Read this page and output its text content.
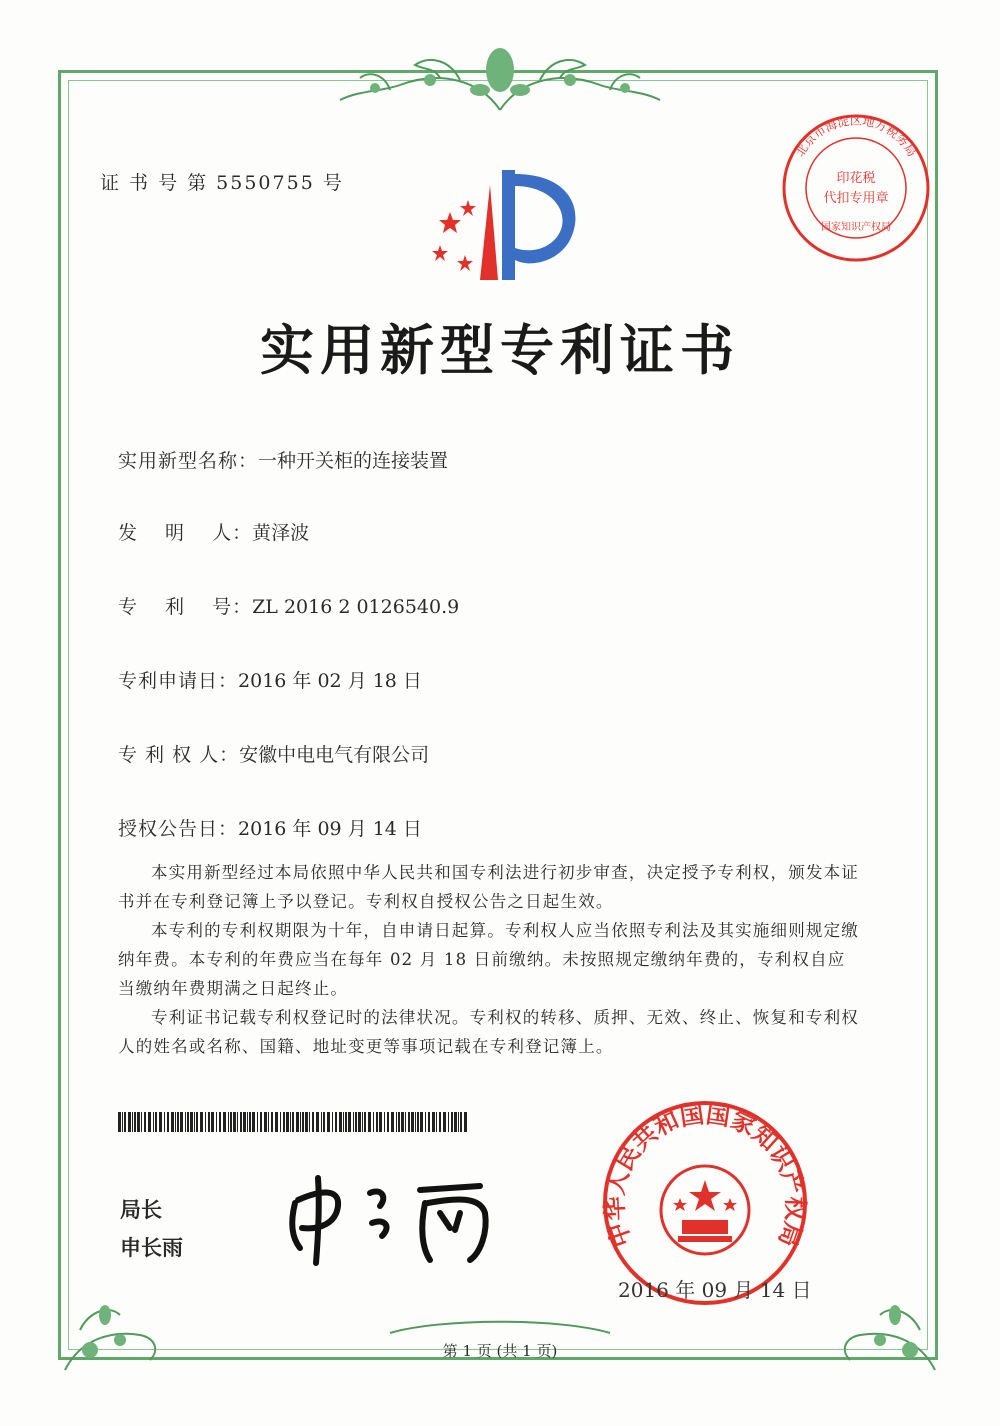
证 书 号 第 5550755 号
北京市海淀区地方税务局
印花税
代扣专用章
国家知识产权局
实用新型专利证书
实用新型名称：一种开关柜的连接装置
发　 明　 人：黄泽波
专　 利　 号：ZL 2016 2 0126540.9
专利申请日：2016 年 02 月 18 日
专 利 权 人：安徽中电电气有限公司
授权公告日：2016 年 09 月 14 日

本实用新型经过本局依照中华人民共和国专利法进行初步审查，决定授予专利权，颁发本证书并在专利登记簿上予以登记。专利权自授权公告之日起生效。

本专利的专利权期限为十年，自申请日起算。专利权人应当依照专利法及其实施细则规定缴纳年费。本专利的年费应当在每年 02 月 18 日前缴纳。未按照规定缴纳年费的，专利权自应当缴纳年费期满之日起终止。

专利证书记载专利权登记时的法律状况。专利权的转移、质押、无效、终止、恢复和专利权人的姓名或名称、国籍、地址变更等事项记载在专利登记簿上。

局长
申长雨	中华人民共和国国家知识产权局
2016 年 09 月 14 日
第 1 页 (共 1 页)
